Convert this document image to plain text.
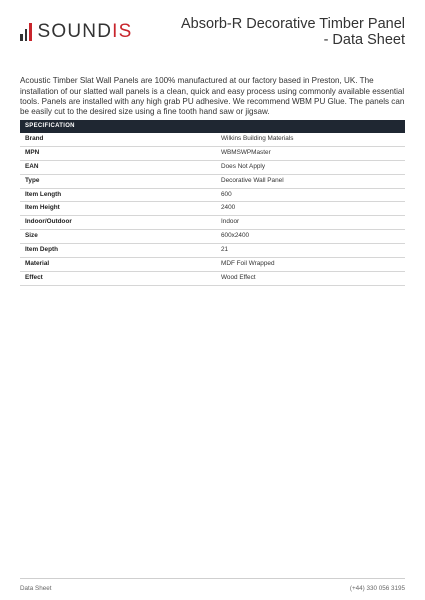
SOUNDIS	Absorb-R Decorative Timber Panel
- Data Sheet

Acoustic Timber Slat Wall Panels are 100% manufactured at our factory based in Preston, UK. The installation of our slatted wall panels is a clean, quick and easy process using commonly available essential tools. Panels are installed with any high grab PU adhesive. We recommend WBM PU Glue. The panels can be easily cut to the desired size using a fine tooth hand saw or jigsaw.

SPECIFICATION
Brand	Wilkins Building Materials
MPN	WBMSWPMaster
EAN	Does Not Apply
Type	Decorative Wall Panel
Item Length	600
Item Height	2400
Indoor/Outdoor	Indoor
Size	600x2400
Item Depth	21
Material	MDF Foil Wrapped
Effect	Wood Effect
Data Sheet	(+44) 330 056 3195
